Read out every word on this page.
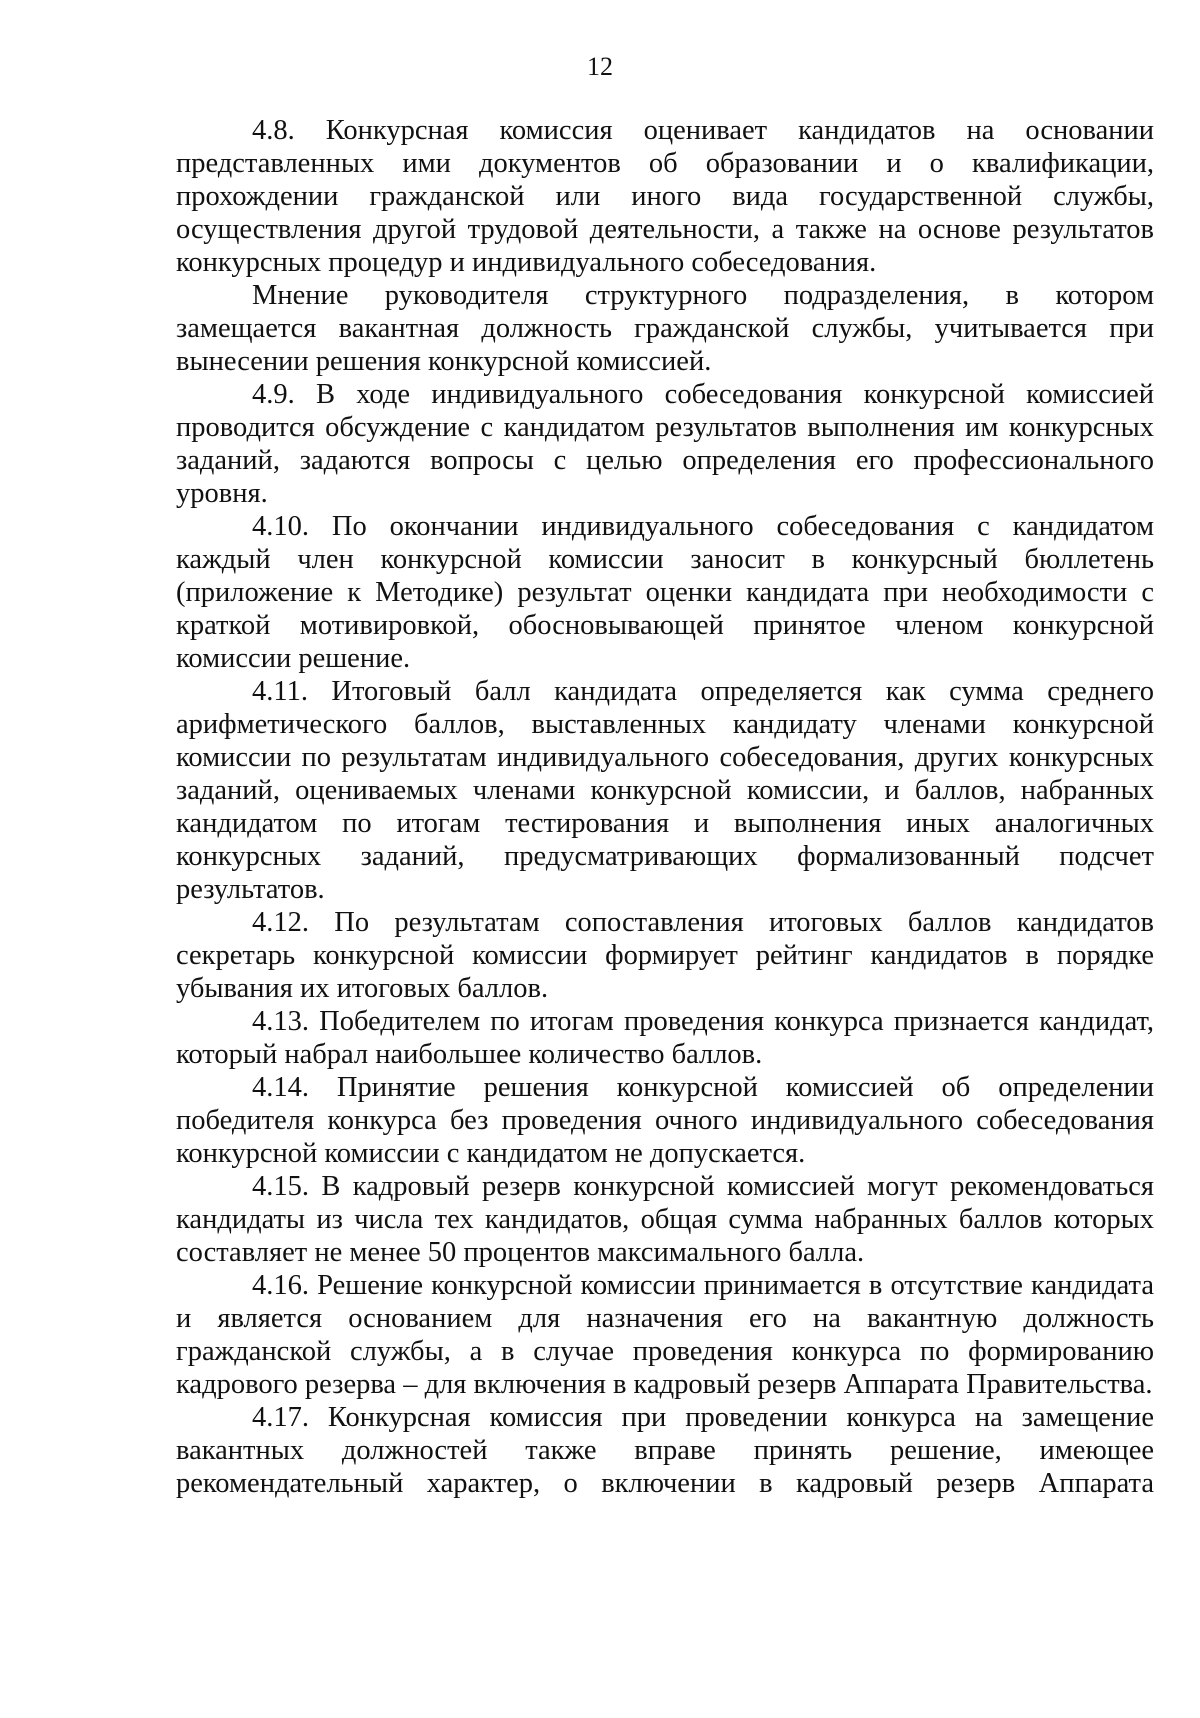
12

4.8. Конкурсная комиссия оценивает кандидатов на основании представленных ими документов об образовании и о квалификации, прохождении гражданской или иного вида государственной службы, осуществления другой трудовой деятельности, а также на основе результатов конкурсных процедур и индивидуального собеседования.

Мнение руководителя структурного подразделения, в котором замещается вакантная должность гражданской службы, учитывается при вынесении решения конкурсной комиссией.

4.9. В ходе индивидуального собеседования конкурсной комиссией проводится обсуждение с кандидатом результатов выполнения им конкурсных заданий, задаются вопросы с целью определения его профессионального уровня.

4.10. По окончании индивидуального собеседования с кандидатом каждый член конкурсной комиссии заносит в конкурсный бюллетень (приложение к Методике) результат оценки кандидата при необходимости с краткой мотивировкой, обосновывающей принятое членом конкурсной комиссии решение.

4.11. Итоговый балл кандидата определяется как сумма среднего арифметического баллов, выставленных кандидату членами конкурсной комиссии по результатам индивидуального собеседования, других конкурсных заданий, оцениваемых членами конкурсной комиссии, и баллов, набранных кандидатом по итогам тестирования и выполнения иных аналогичных конкурсных заданий, предусматривающих формализованный подсчет результатов.

4.12. По результатам сопоставления итоговых баллов кандидатов секретарь конкурсной комиссии формирует рейтинг кандидатов в порядке убывания их итоговых баллов.

4.13. Победителем по итогам проведения конкурса признается кандидат, который набрал наибольшее количество баллов.

4.14. Принятие решения конкурсной комиссией об определении победителя конкурса без проведения очного индивидуального собеседования конкурсной комиссии с кандидатом не допускается.

4.15. В кадровый резерв конкурсной комиссией могут рекомендоваться кандидаты из числа тех кандидатов, общая сумма набранных баллов которых составляет не менее 50 процентов максимального балла.

4.16. Решение конкурсной комиссии принимается в отсутствие кандидата и является основанием для назначения его на вакантную должность гражданской службы, а в случае проведения конкурса по формированию кадрового резерва – для включения в кадровый резерв Аппарата Правительства.

4.17. Конкурсная комиссия при проведении конкурса на замещение вакантных должностей также вправе принять решение, имеющее рекомендательный характер, о включении в кадровый резерв Аппарата
